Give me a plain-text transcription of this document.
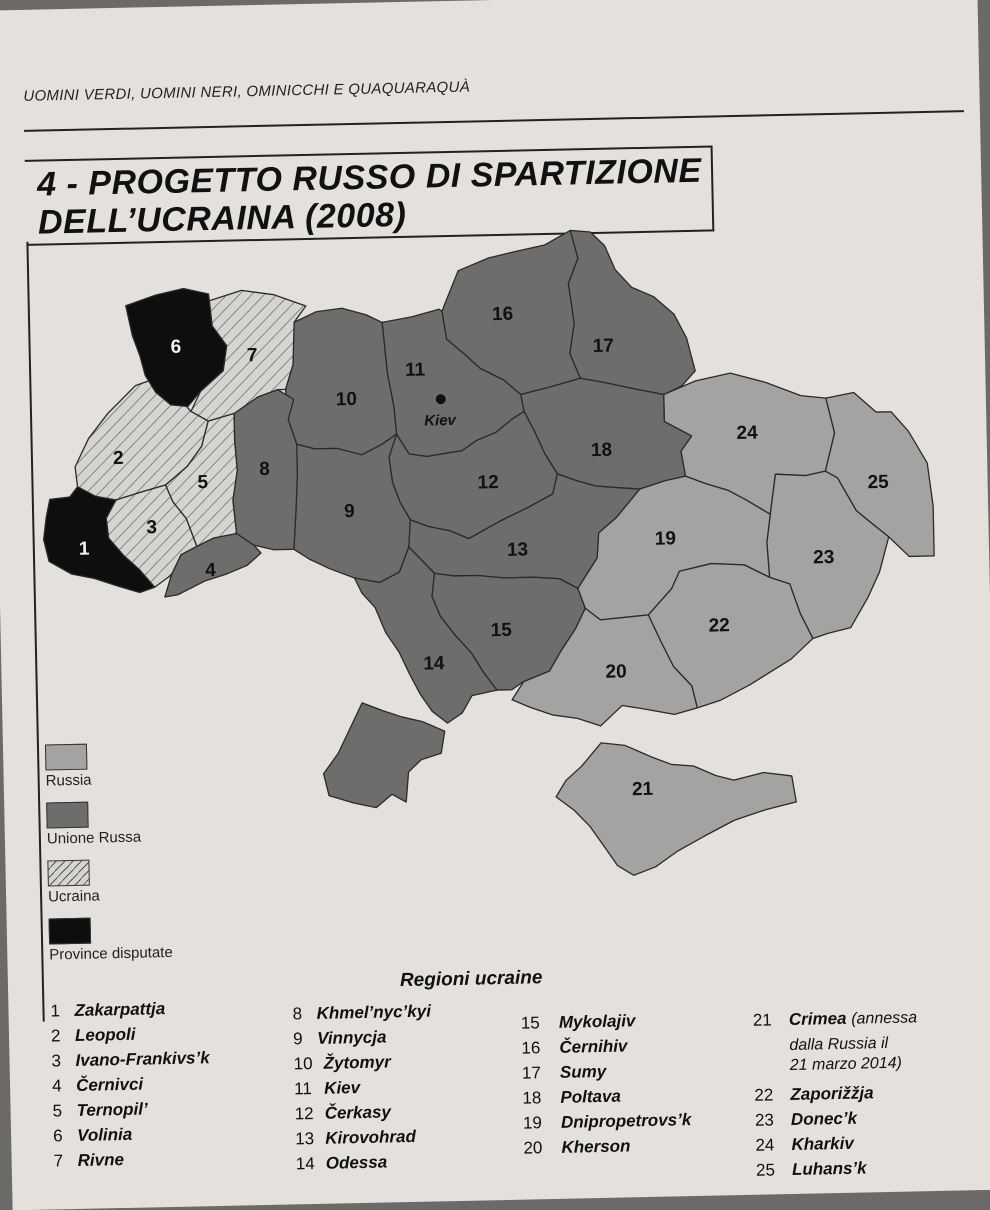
UOMINI VERDI, UOMINI NERI, OMINICCHI E QUAQUARAQUÀ
4 - PROGETTO RUSSO DI SPARTIZIONE
DELL’UCRAINA (2008)
Kiev
1
2
3
4
5
6	7
8
9
10
11
12
13
14
15
16
17
18
19
20
21
22
23
24
25
Russia
Unione Russa
Ucraina
Province disputate
Regioni ucraine
1 Zakarpattja
2 Leopoli
3 Ivano-Frankivs’k
4 Černivci
5 Ternopil’
6 Volinia
7 Rivne
8 Khmel’nyc’kyi
9 Vinnycja
10 Žytomyr
11 Kiev
12 Čerkasy
13 Kirovohrad
14 Odessa
15 Mykolajiv
16 Černihiv
17 Sumy
18 Poltava
19 Dnipropetrovs’k
20 Kherson
21 Crimea (annessa
dalla Russia il
21 marzo 2014)
22 Zaporižžja
23 Donec’k
24 Kharkiv
25 Luhans’k
